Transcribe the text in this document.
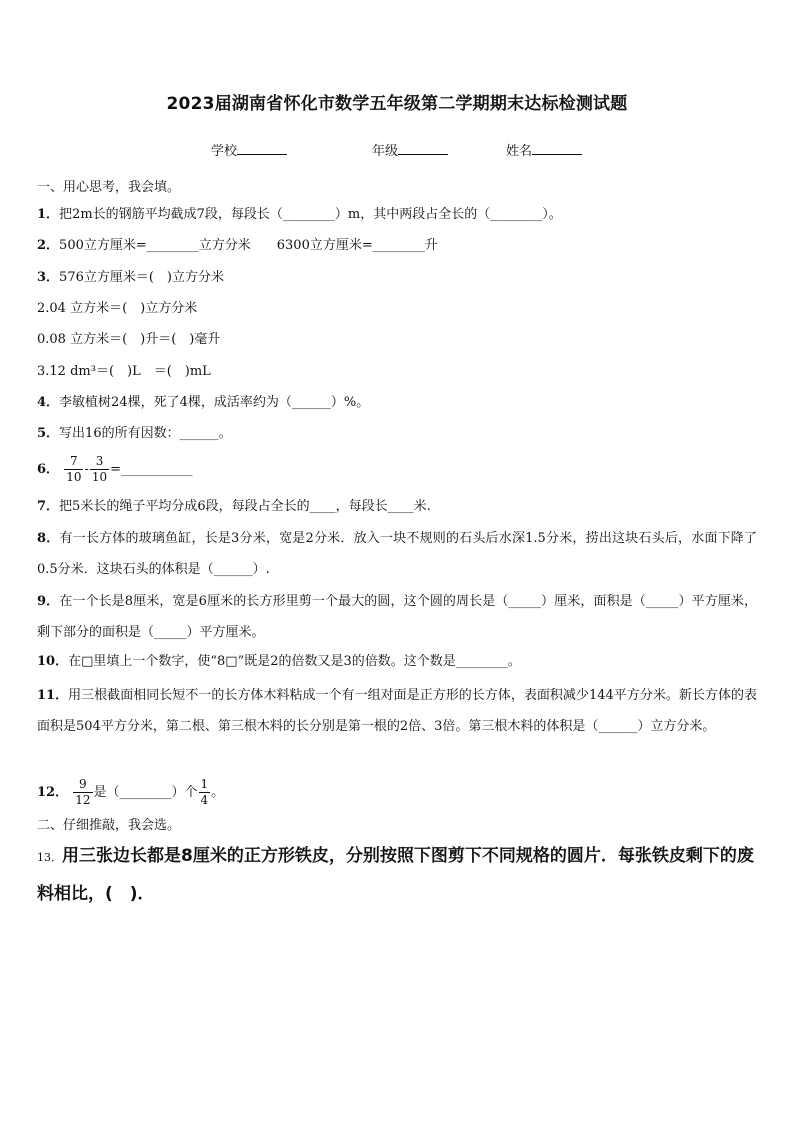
2023届湖南省怀化市数学五年级第二学期期末达标检测试题
学校	年级	姓名
一、用心思考，我会填。
1．把2m长的钢筋平均截成7段，每段长（________）m，其中两段占全长的（________）。
2．500立方厘米=________立方分米　　6300立方厘米=________升
3．576立方厘米＝(　)立方分米
2.04 立方米＝(　)立方分米
0.08 立方米＝(　)升＝(　)毫升
3.12 dm³＝(　)L　＝(　)mL
4．李敏植树24棵，死了4棵，成活率约为（______）%。
5．写出16的所有因数：______。
6． $\frac{7}{10} - \frac{3}{10}$ =___________
7．把5米长的绳子平均分成6段，每段占全长的____，每段长____米.
8．有一长方体的玻璃鱼缸，长是3分米，宽是2分米．放入一块不规则的石头后水深1.5分米，捞出这块石头后，水面下降了0.5分米．这块石头的体积是（______）.
9．在一个长是8厘米，宽是6厘米的长方形里剪一个最大的圆，这个圆的周长是（_____）厘米，面积是（_____）平方厘米，剩下部分的面积是（_____）平方厘米。
10．在□里填上一个数字，使“8□”既是2的倍数又是3的倍数。这个数是________。
11．用三根截面相同长短不一的长方体木料粘成一个有一组对面是正方形的长方体，表面积减少144平方分米。新长方体的表面积是504平方分米，第二根、第三根木料的长分别是第一根的2倍、3倍。第三根木料的体积是（______）立方分米。
12． $\frac{9}{12}$ 是（________）个 $\frac{1}{4}$ 。
二、仔细推敲，我会选。
13．用三张边长都是8厘米的正方形铁皮，分别按照下图剪下不同规格的圆片．每张铁皮剩下的废料相比，(　)．
